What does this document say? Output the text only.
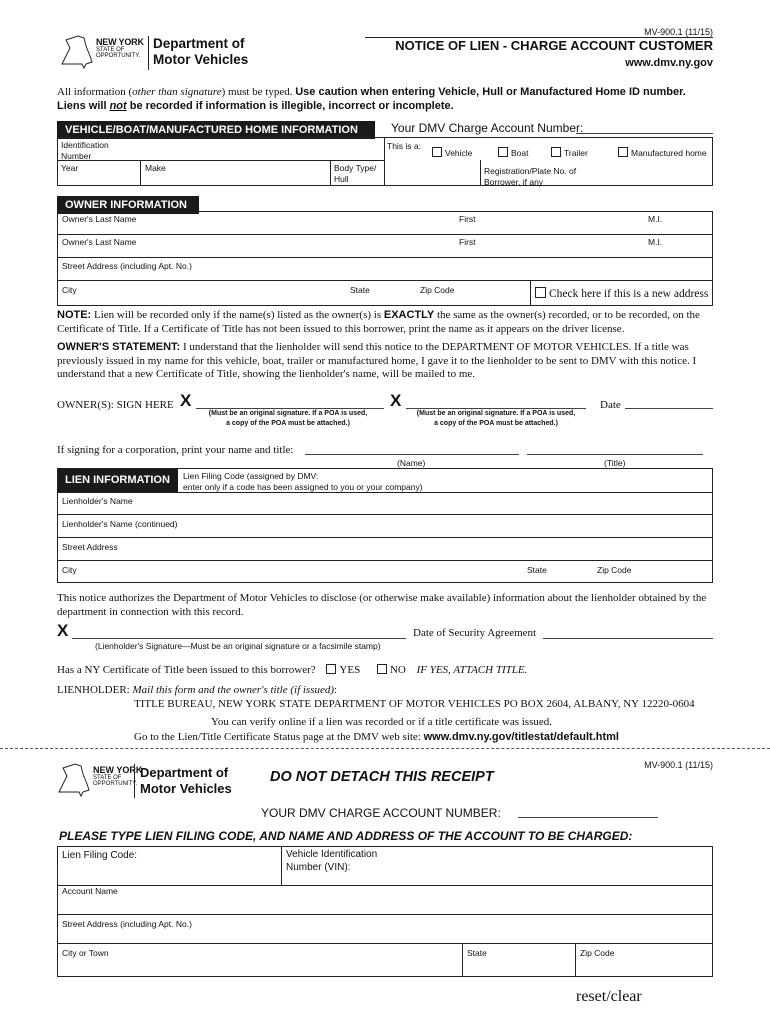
MV-900.1 (11/15)
NEW YORK
STATE OF
OPPORTUNITY.
Department of
Motor Vehicles
NOTICE OF LIEN - CHARGE ACCOUNT CUSTOMER
www.dmv.ny.gov
All information (other than signature) must be typed. Use caution when entering Vehicle, Hull or Manufactured Home ID number.
Liens will not be recorded if information is illegible, incorrect or incomplete.
VEHICLE/BOAT/MANUFACTURED HOME INFORMATION	Your DMV Charge Account Number:
Identification Number
This is a:
Vehicle	Boat	Trailer	Manufactured home
Year	Make	Body Type/ Hull
Registration/Plate No. of Borrower, if any
OWNER INFORMATION
Owner's Last Name	First	M.I.
Owner's Last Name	First	M.I.
Street Address (including Apt. No.)
City	State	Zip Code	Check here if this is a new address
NOTE: Lien will be recorded only if the name(s) listed as the owner(s) is EXACTLY the same as the owner(s) recorded, or to be recorded, on the Certificate of Title. If a Certificate of Title has not been issued to this borrower, print the name as it appears on the driver license.
OWNER'S STATEMENT: I understand that the lienholder will send this notice to the DEPARTMENT OF MOTOR VEHICLES. If a title was previously issued in my name for this vehicle, boat, trailer or manufactured home, I gave it to the lienholder to be sent to DMV with this notice. I understand that a new Certificate of Title, showing the lienholder's name, will be mailed to me.
OWNER(S): SIGN HERE X
(Must be an original signature. If a POA is used,
a copy of the POA must be attached.)
X
(Must be an original signature. If a POA is used,
a copy of the POA must be attached.)
Date
If signing for a corporation, print your name and title:
(Name)	(Title)
LIEN INFORMATION	Lien Filing Code (assigned by DMV:
enter only if a code has been assigned to you or your company)
Lienholder's Name
Lienholder's Name (continued)
Street Address
City	State	Zip Code
This notice authorizes the Department of Motor Vehicles to disclose (or otherwise make available) information about the lienholder obtained by the department in connection with this record.
X
(Lienholder's Signature—Must be an original signature or a facsimile stamp)
Date of Security Agreement
Has a NY Certificate of Title been issued to this borrower? YES	NO IF YES, ATTACH TITLE.
LIENHOLDER: Mail this form and the owner's title (if issued):
TITLE BUREAU, NEW YORK STATE DEPARTMENT OF MOTOR VEHICLES PO BOX 2604, ALBANY, NY 12220-0604
You can verify online if a lien was recorded or if a title certificate was issued.
Go to the Lien/Title Certificate Status page at the DMV web site: www.dmv.ny.gov/titlestat/default.html
NEW YORK
STATE OF
OPPORTUNITY.
Department of
Motor Vehicles
MV-900.1 (11/15)
DO NOT DETACH THIS RECEIPT
YOUR DMV CHARGE ACCOUNT NUMBER:
PLEASE TYPE LIEN FILING CODE, AND NAME AND ADDRESS OF THE ACCOUNT TO BE CHARGED:
Lien Filing Code:	Vehicle Identification Number (VIN):
Account Name
Street Address (including Apt. No.)
City or Town	State	Zip Code
reset/clear
